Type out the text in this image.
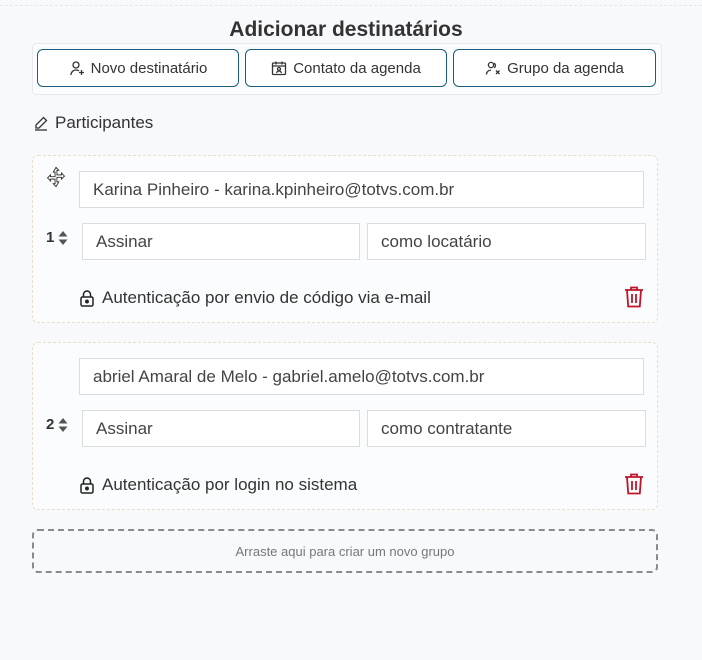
Adicionar destinatários
Novo destinatário	Contato da agenda	Grupo da agenda
Participantes
Karina Pinheiro - karina.kpinheiro@totvs.com.br
1	Assinar	como locatário
Autenticação por envio de código via e-mail
abriel Amaral de Melo - gabriel.amelo@totvs.com.br
2	Assinar	como contratante
Autenticação por login no sistema
Arraste aqui para criar um novo grupo
